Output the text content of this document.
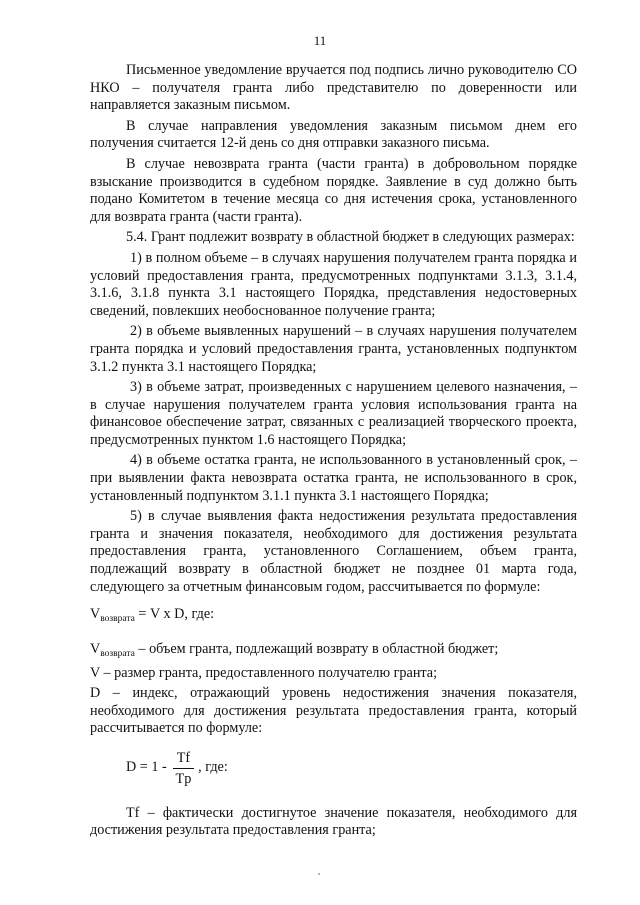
11

Письменное уведомление вручается под подпись лично руководителю СО НКО – получателя гранта либо представителю по доверенности или направляется заказным письмом.

В случае направления уведомления заказным письмом днем его получения считается 12-й день со дня отправки заказного письма.

В случае невозврата гранта (части гранта) в добровольном порядке взыскание производится в судебном порядке. Заявление в суд должно быть подано Комитетом в течение месяца со дня истечения срока, установленного для возврата гранта (части гранта).

5.4. Грант подлежит возврату в областной бюджет в следующих размерах:

1) в полном объеме – в случаях нарушения получателем гранта порядка и условий предоставления гранта, предусмотренных подпунктами 3.1.3, 3.1.4, 3.1.6, 3.1.8 пункта 3.1 настоящего Порядка, представления недостоверных сведений, повлекших необоснованное получение гранта;

2) в объеме выявленных нарушений – в случаях нарушения получателем гранта порядка и условий предоставления гранта, установленных подпунктом 3.1.2 пункта 3.1 настоящего Порядка;

3) в объеме затрат, произведенных с нарушением целевого назначения, – в случае нарушения получателем гранта условия использования гранта на финансовое обеспечение затрат, связанных с реализацией творческого проекта, предусмотренных пунктом 1.6 настоящего Порядка;

4) в объеме остатка гранта, не использованного в установленный срок, – при выявлении факта невозврата остатка гранта, не использованного в срок, установленный подпунктом 3.1.1 пункта 3.1 настоящего Порядка;

5) в случае выявления факта недостижения результата предоставления гранта и значения показателя, необходимого для достижения результата предоставления гранта, установленного Соглашением, объем гранта, подлежащий возврату в областной бюджет не позднее 01 марта года, следующего за отчетным финансовым годом, рассчитывается по формуле:

$V_{возврата} = V$ x D, где:

$V_{возврата}$ – объем гранта, подлежащий возврату в областной бюджет;

V – размер гранта, предоставленного получателю гранта;

D – индекс, отражающий уровень недостижения значения показателя, необходимого для достижения результата предоставления гранта, который рассчитывается по формуле:

$D = 1 - \frac{Tf}{Tp}$ , где:

Tf – фактически достигнутое значение показателя, необходимого для достижения результата предоставления гранта;
